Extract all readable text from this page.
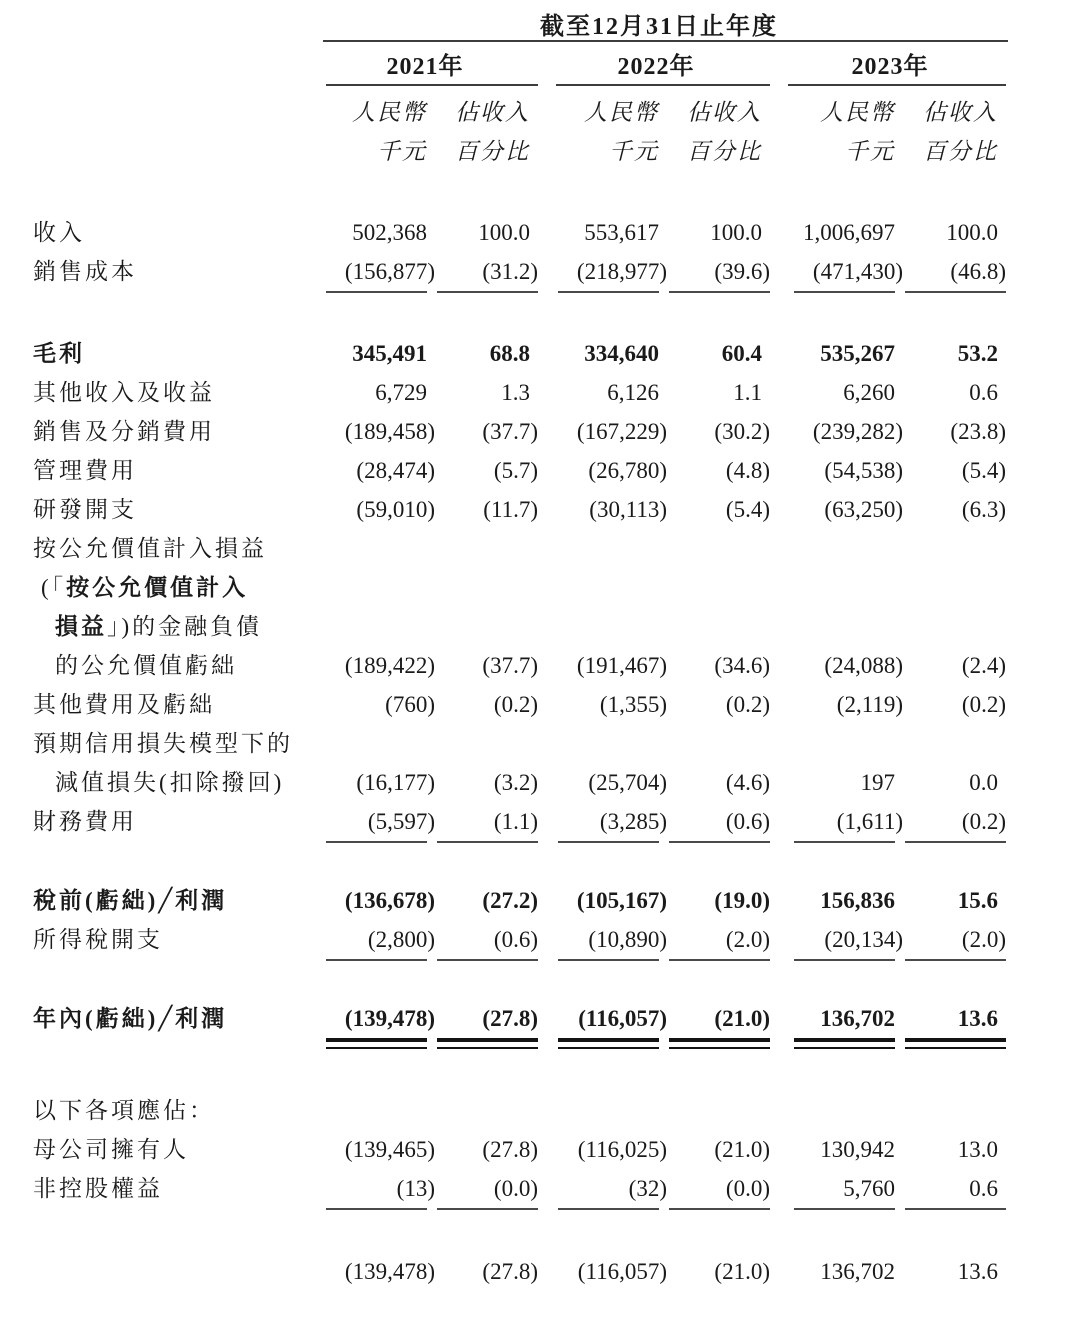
截至12月31日止年度
2021年	2022年	2023年
人民幣	佔收入	人民幣	佔收入	人民幣	佔收入
千元	百分比	千元	百分比	千元	百分比
收入	502,368	100.0	553,617	100.0	1,006,697	100.0
銷售成本	(156,877)	(31.2)	(218,977)	(39.6)	(471,430)	(46.8)
毛利	345,491	68.8	334,640	60.4	535,267	53.2
其他收入及收益	6,729	1.3	6,126	1.1	6,260	0.6
銷售及分銷費用	(189,458)	(37.7)	(167,229)	(30.2)	(239,282)	(23.8)
管理費用	(28,474)	(5.7)	(26,780)	(4.8)	(54,538)	(5.4)
研發開支	(59,010)	(11.7)	(30,113)	(5.4)	(63,250)	(6.3)
按公允價值計入損益
(「按公允價值計入
損益」)的金融負債
的公允價值虧絀	(189,422)	(37.7)	(191,467)	(34.6)	(24,088)	(2.4)
其他費用及虧絀	(760)	(0.2)	(1,355)	(0.2)	(2,119)	(0.2)
預期信用損失模型下的
減值損失(扣除撥回)	(16,177)	(3.2)	(25,704)	(4.6)	197	0.0
財務費用	(5,597)	(1.1)	(3,285)	(0.6)	(1,611)	(0.2)
稅前(虧絀)╱利潤	(136,678)	(27.2)	(105,167)	(19.0)	156,836	15.6
所得稅開支	(2,800)	(0.6)	(10,890)	(2.0)	(20,134)	(2.0)
年內(虧絀)╱利潤	(139,478)	(27.8)	(116,057)	(21.0)	136,702	13.6
以下各項應佔：
母公司擁有人	(139,465)	(27.8)	(116,025)	(21.0)	130,942	13.0
非控股權益	(13)	(0.0)	(32)	(0.0)	5,760	0.6
(139,478)	(27.8)	(116,057)	(21.0)	136,702	13.6
